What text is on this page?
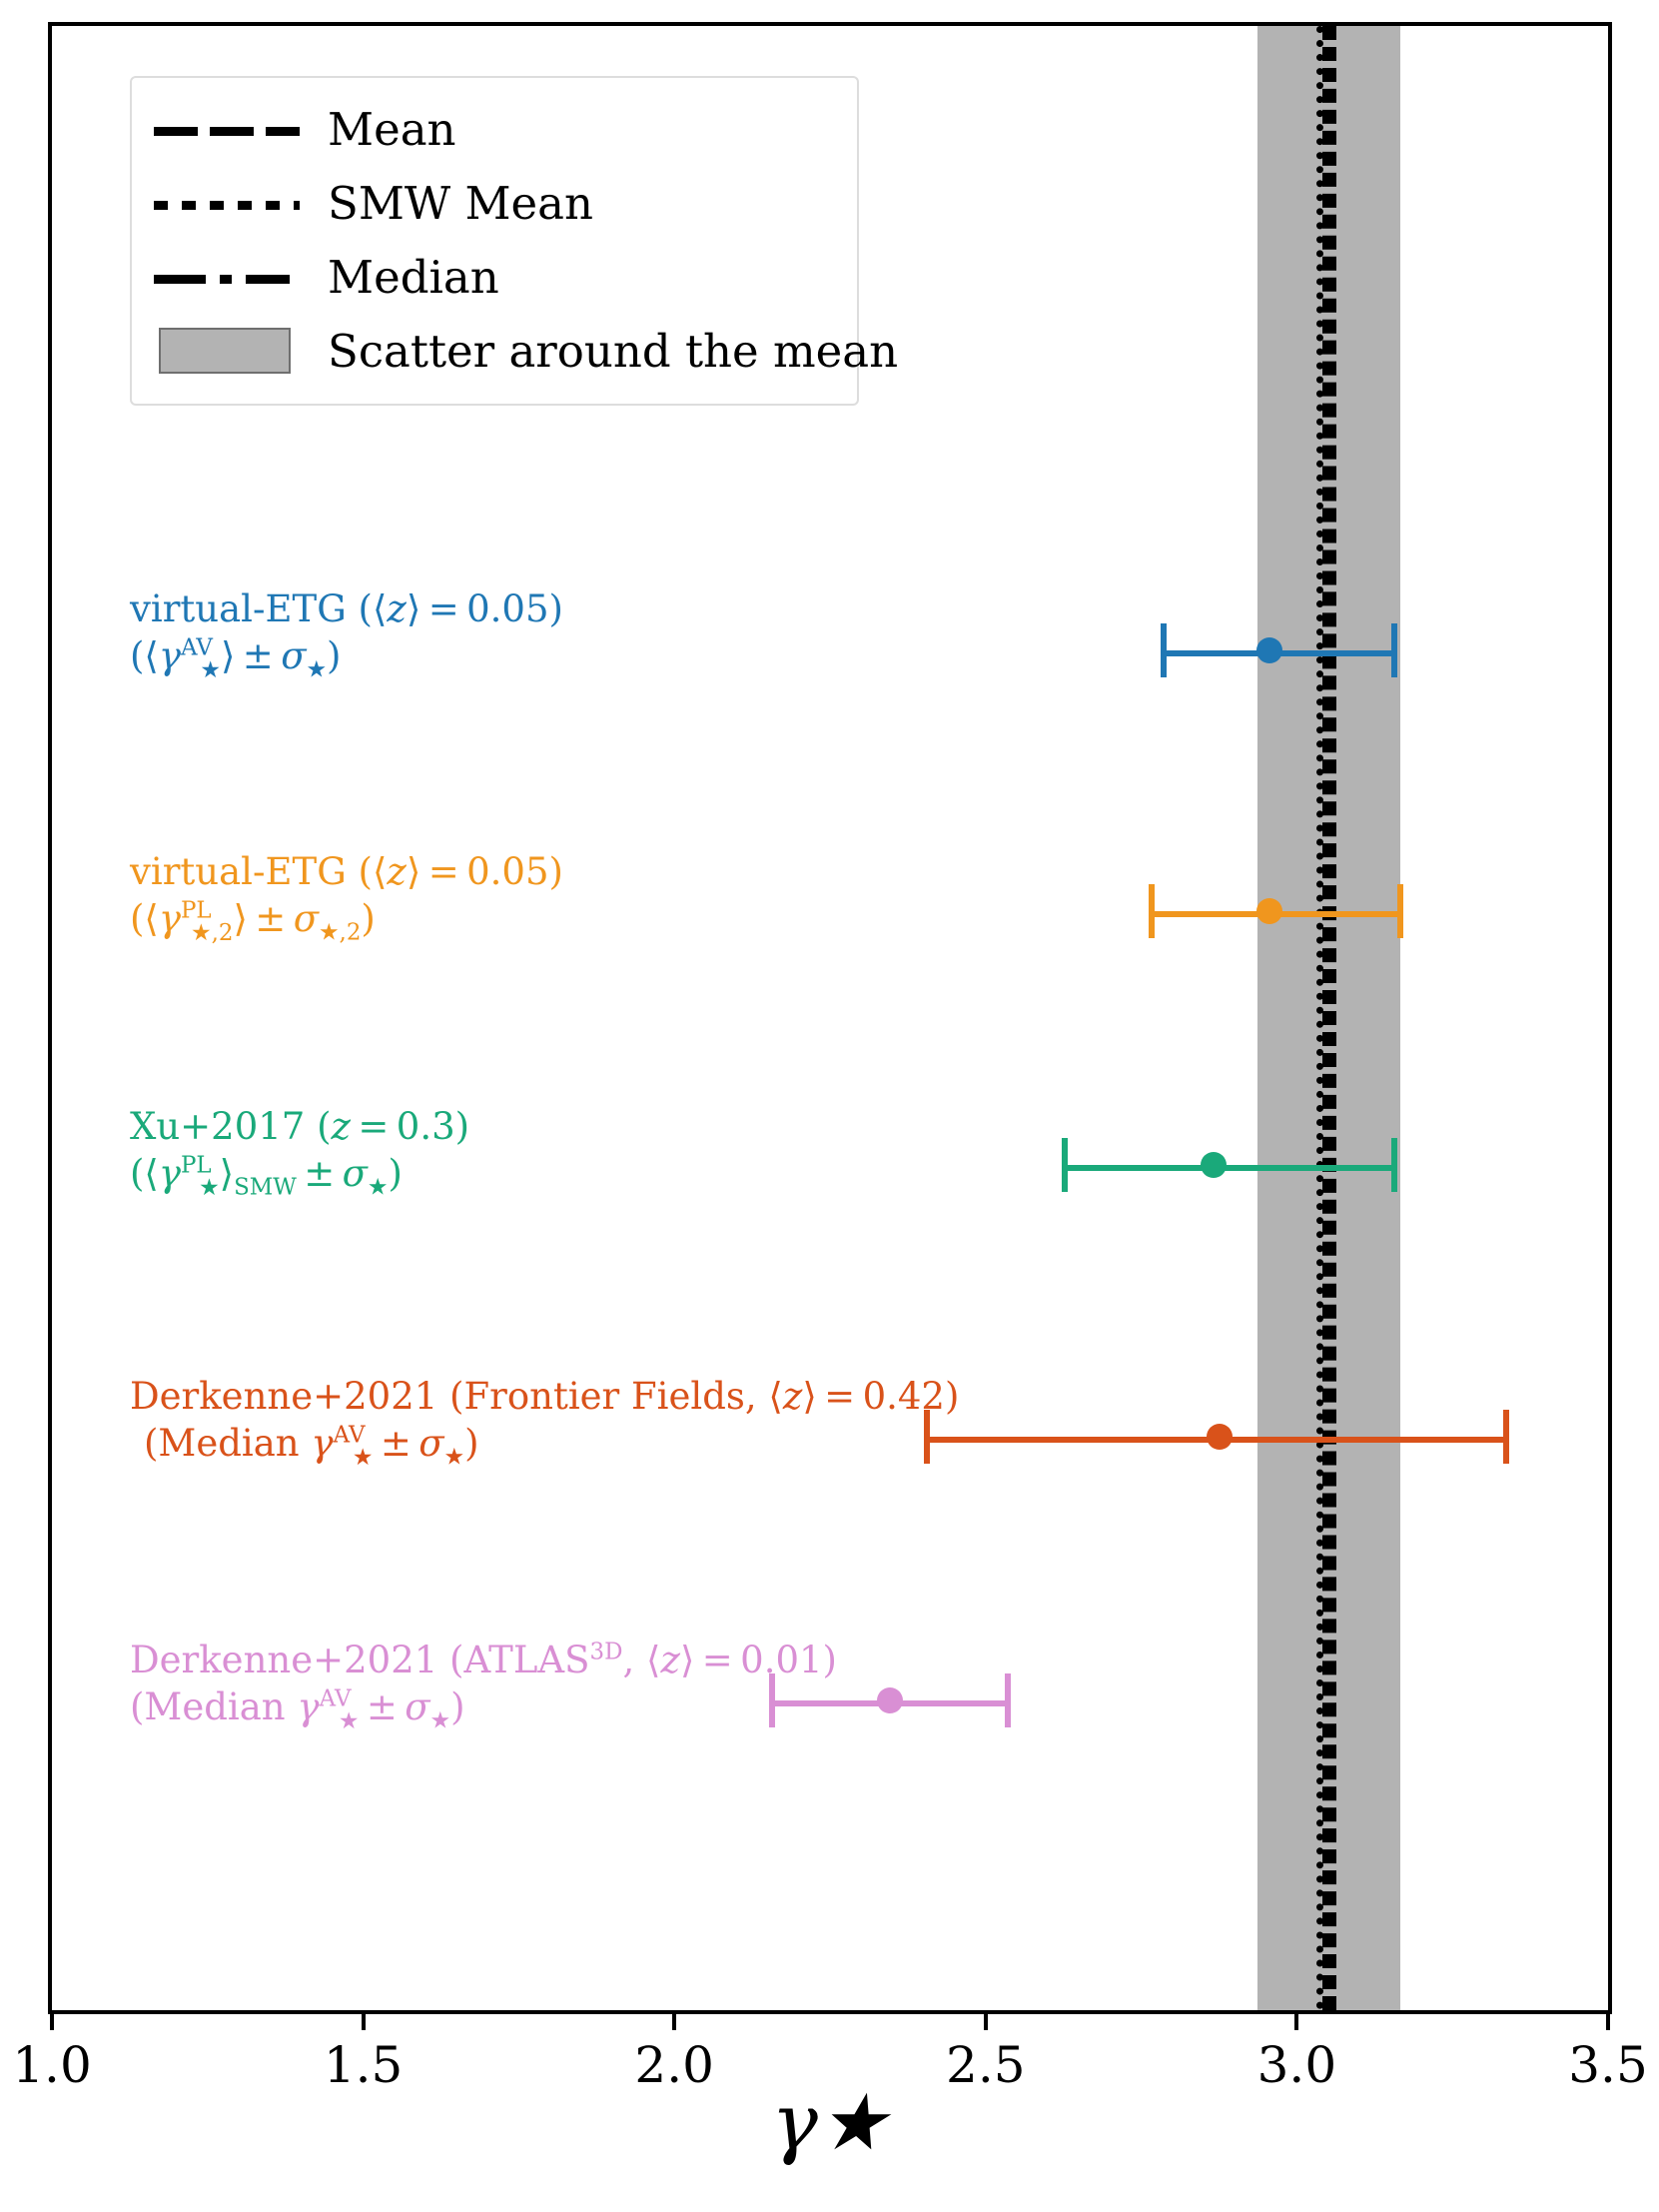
Mean
SMW Mean
Median
Scatter around the mean
virtual-ETG (⟨z⟩ = 0.05)
$(⟨\gamma^{AV}_★⟩ \pm \sigma_★)$
virtual-ETG (⟨z⟩ = 0.05)
$(⟨\gamma^{PL}_{★,2}⟩ \pm \sigma_{★,2})$
Xu+2017 (z = 0.3)
$(⟨\gamma^{PL}_★⟩_{SMW} \pm \sigma_★)$
Derkenne+2021 (Frontier Fields, ⟨z⟩ = 0.42)
(Median $\gamma^{AV}_★ \pm \sigma_★$)
Derkenne+2021 ($ATLAS^{3D}$, ⟨z⟩ = 0.01)
(Median $\gamma^{AV}_★ \pm \sigma_★$)
1.0	1.5	2.0	2.5	3.0	3.5
γ★
